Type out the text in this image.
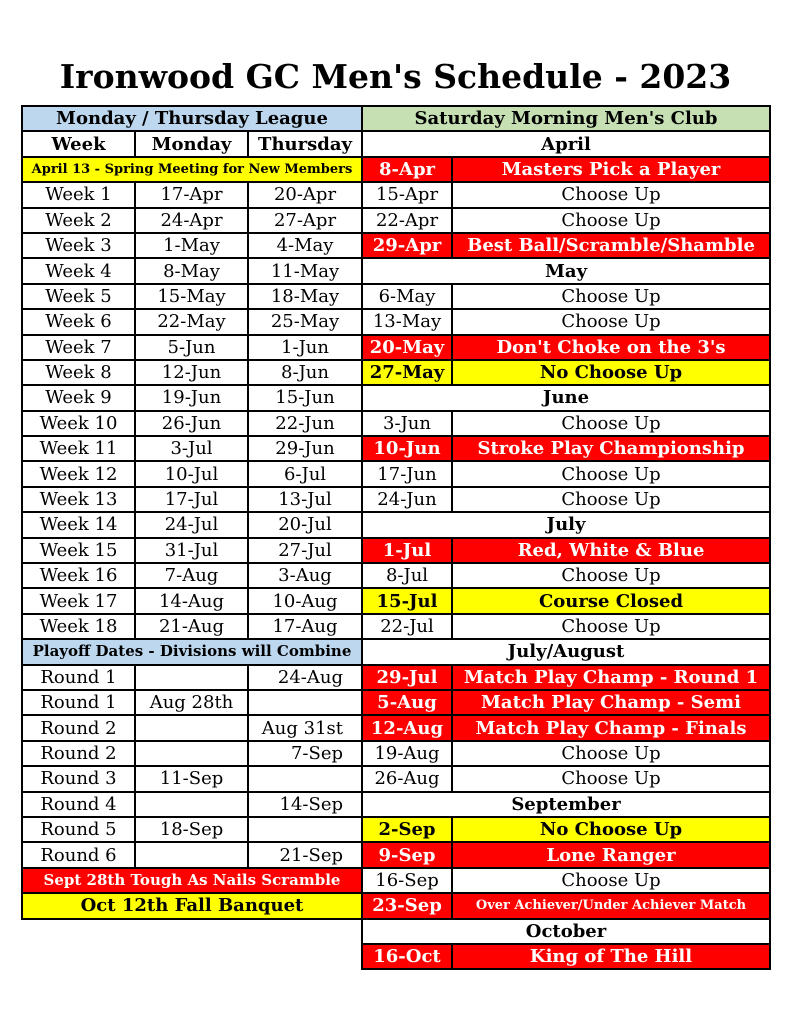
Ironwood GC Men's Schedule - 2023
Monday / Thursday League		
Week	Monday	Thursday
April 13 - Spring Meeting for New Members		
Week 1	17-Apr	20-Apr
Week 2	24-Apr	27-Apr
Week 3	1-May	4-May
Week 4	8-May	11-May
Week 5	15-May	18-May
Week 6	22-May	25-May
Week 7	5-Jun	1-Jun
Week 8	12-Jun	8-Jun
Week 9	19-Jun	15-Jun
Week 10	26-Jun	22-Jun
Week 11	3-Jul	29-Jun
Week 12	10-Jul	6-Jul
Week 13	17-Jul	13-Jul
Week 14	24-Jul	20-Jul
Week 15	31-Jul	27-Jul
Week 16	7-Aug	3-Aug
Week 17	14-Aug	10-Aug
Week 18	21-Aug	17-Aug
Playoff Dates - Divisions will Combine		
Round 1		24-Aug
Round 1	Aug 28th	
Round 2		Aug 31st
Round 2		7-Sep
Round 3	11-Sep	
Round 4		14-Sep
Round 5	18-Sep	
Round 6		21-Sep
Sept 28th Tough As Nails Scramble		
Oct 12th Fall Banquet		
Saturday Morning Men's Club	
April	
8-Apr	Masters Pick a Player
15-Apr	Choose Up
22-Apr	Choose Up
29-Apr	Best Ball/Scramble/Shamble
May	
6-May	Choose Up
13-May	Choose Up
20-May	Don't Choke on the 3's
27-May	No Choose Up
June	
3-Jun	Choose Up
10-Jun	Stroke Play Championship
17-Jun	Choose Up
24-Jun	Choose Up
July	
1-Jul	Red, White & Blue
8-Jul	Choose Up
15-Jul	Course Closed
22-Jul	Choose Up
July/August	
29-Jul	Match Play Champ - Round 1
5-Aug	Match Play Champ - Semi
12-Aug	Match Play Champ - Finals
19-Aug	Choose Up
26-Aug	Choose Up
September	
2-Sep	No Choose Up
9-Sep	Lone Ranger
16-Sep	Choose Up
23-Sep	Over Achiever/Under Achiever Match
October	
16-Oct	King of The Hill
